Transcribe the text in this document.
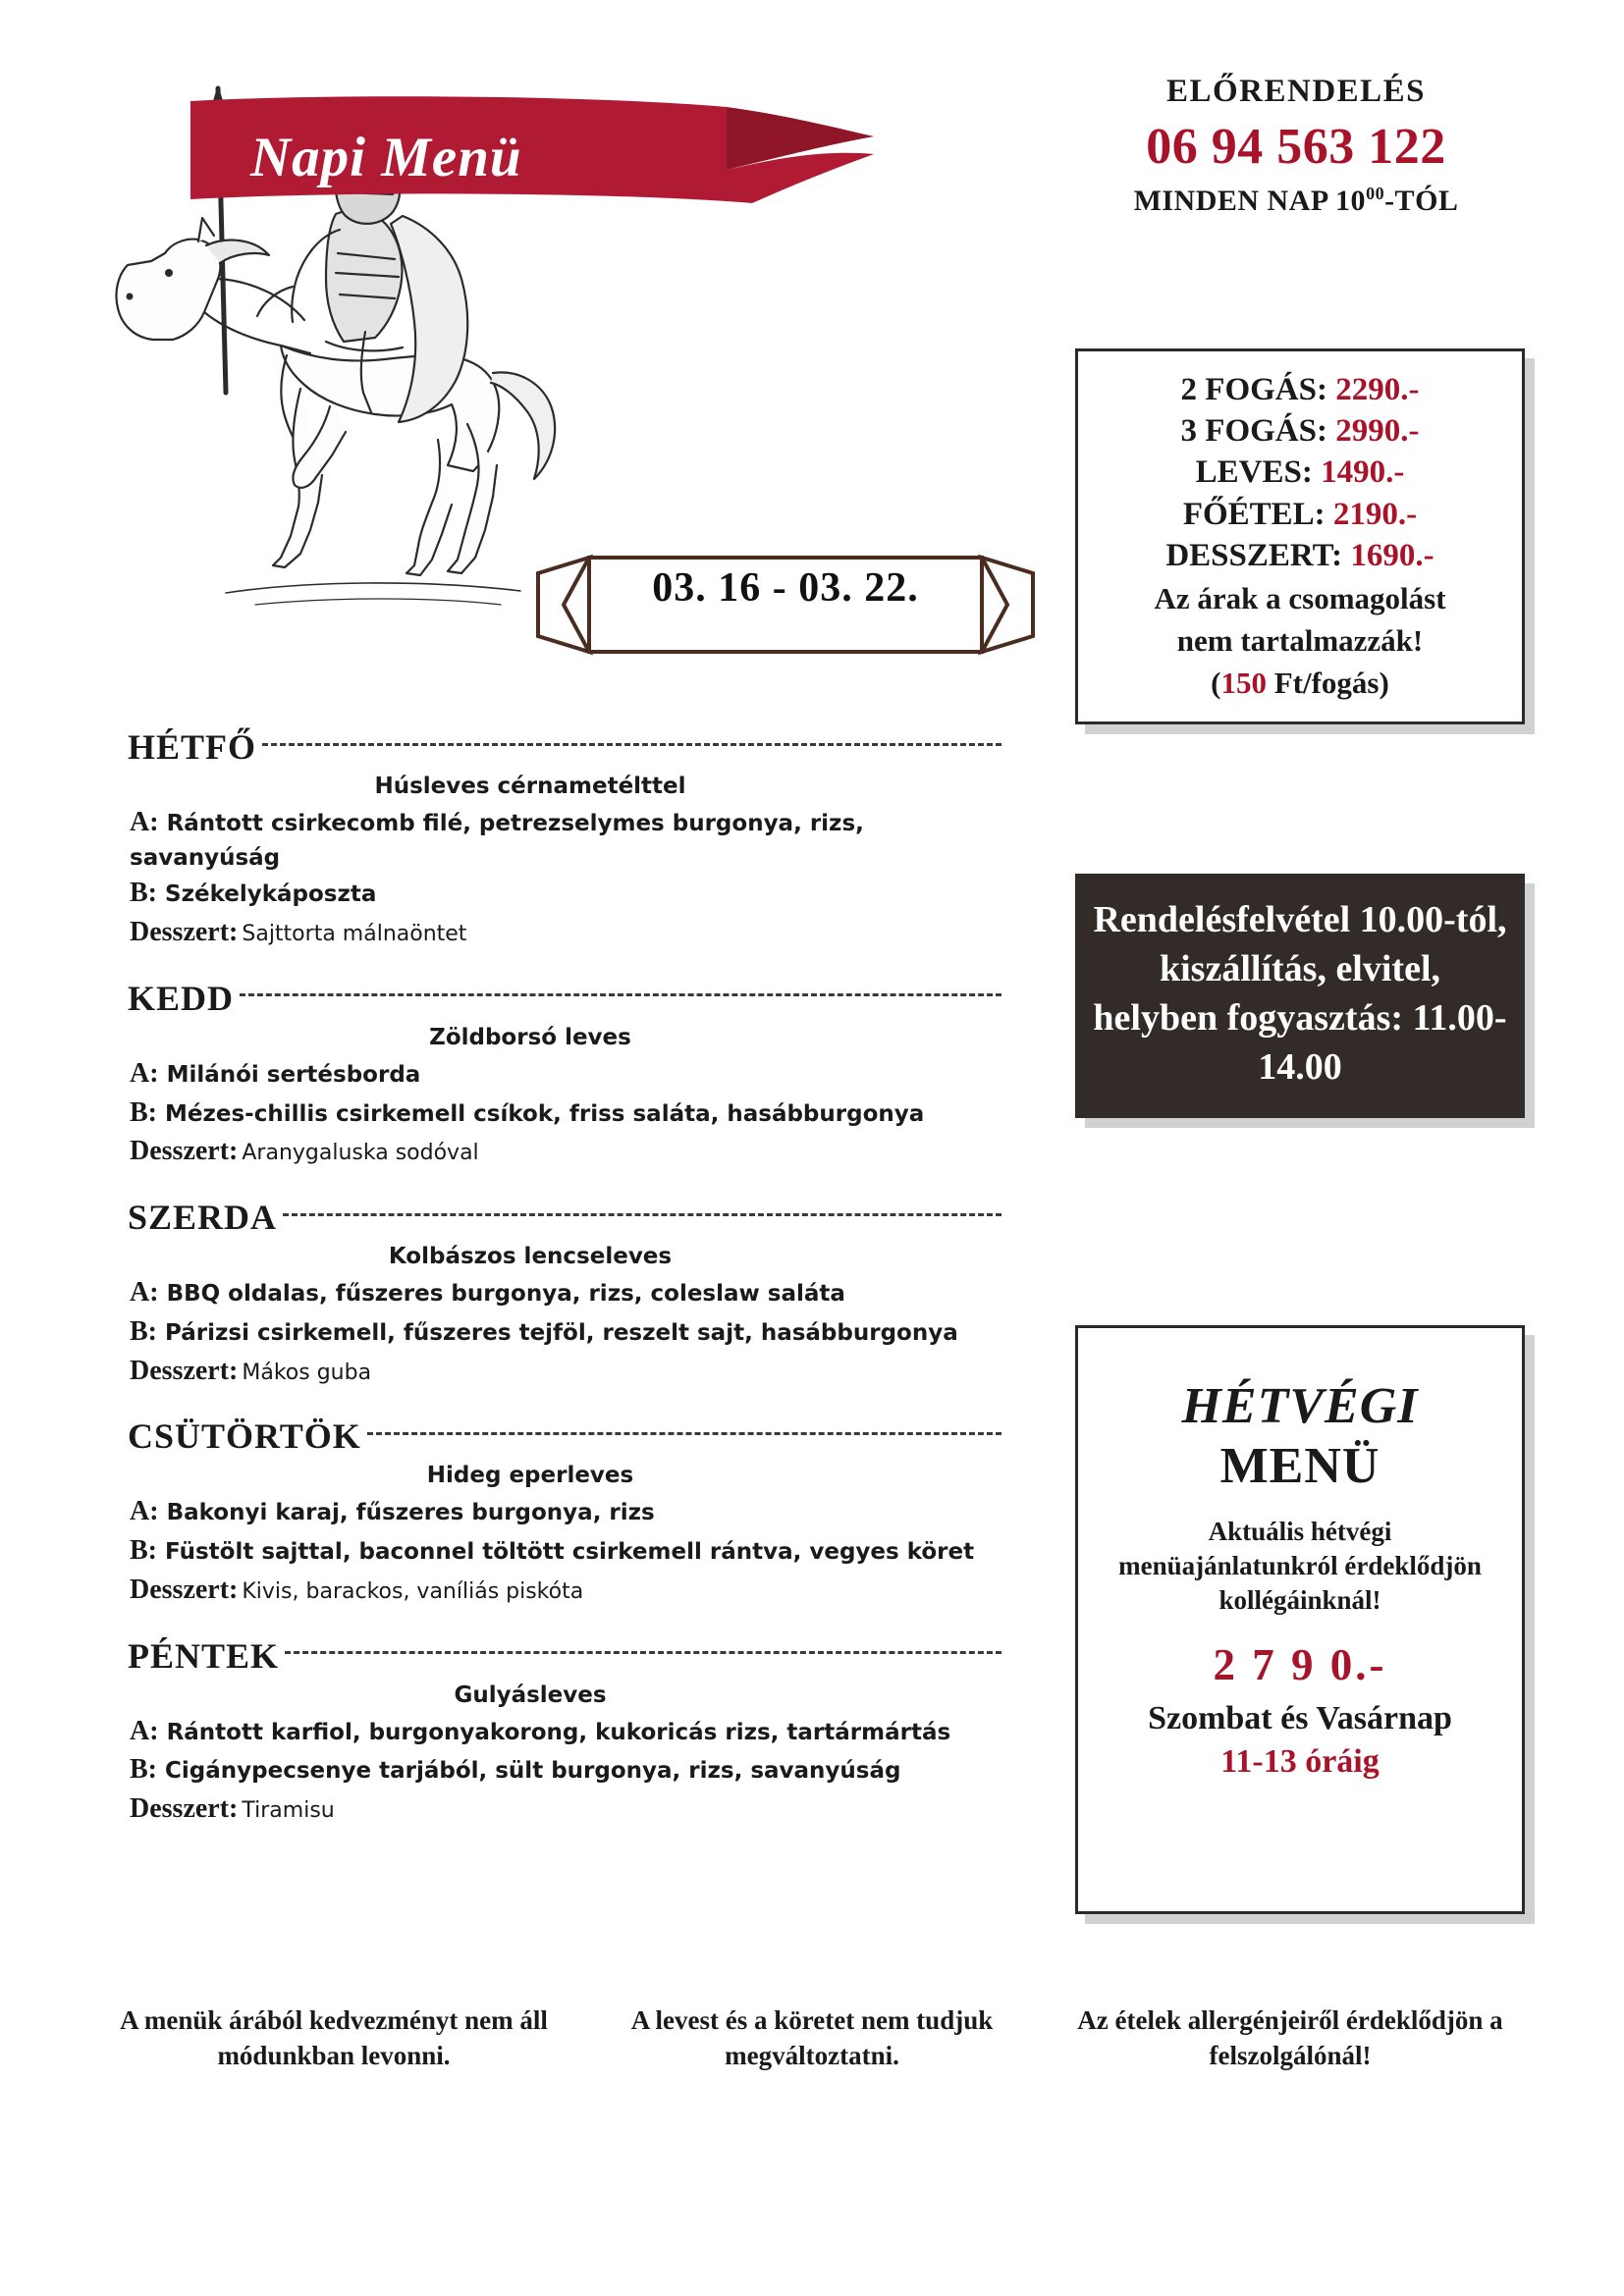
Napi Menü
03. 16 - 03. 22.
ELŐRENDELÉS
06 94 563 122
MINDEN NAP $10^{00}$-TÓL
2 FOGÁS: 2290.-
3 FOGÁS: 2990.-
LEVES: 1490.-
FŐÉTEL: 2190.-
DESSZERT: 1690.-
Az árak a csomagolást
nem tartalmazzák!
(150 Ft/fogás)
Rendelésfelvétel 10.00-tól, kiszállítás, elvitel, helyben fogyasztás: 11.00-14.00
HÉTVÉGI
MENÜ
Aktuális hétvégi menüajánlatunkról érdeklődjön kollégáinknál!
2 7 9 0.-
Szombat és Vasárnap
11-13 óráig
HÉTFŐ
Húsleves cérnametélttel
A: Rántott csirkecomb filé, petrezselymes burgonya, rizs, savanyúság
B: Székelykáposzta
Desszert: Sajttorta málnaöntet
KEDD
Zöldborsó leves
A: Milánói sertésborda
B: Mézes-chillis csirkemell csíkok, friss saláta, hasábburgonya
Desszert: Aranygaluska sodóval
SZERDA
Kolbászos lencseleves
A: BBQ oldalas, fűszeres burgonya, rizs, coleslaw saláta
B: Párizsi csirkemell, fűszeres tejföl, reszelt sajt, hasábburgonya
Desszert: Mákos guba
CSÜTÖRTÖK
Hideg eperleves
A: Bakonyi karaj, fűszeres burgonya, rizs
B: Füstölt sajttal, baconnel töltött csirkemell rántva, vegyes köret
Desszert: Kivis, barackos, vaníliás piskóta
PÉNTEK
Gulyásleves
A: Rántott karfiol, burgonyakorong, kukoricás rizs, tartármártás
B: Cigánypecsenye tarjából, sült burgonya, rizs, savanyúság
Desszert: Tiramisu
A menük árából kedvezményt nem áll módunkban levonni.
A levest és a köretet nem tudjuk megváltoztatni.
Az ételek allergénjeiről érdeklődjön a felszolgálónál!
